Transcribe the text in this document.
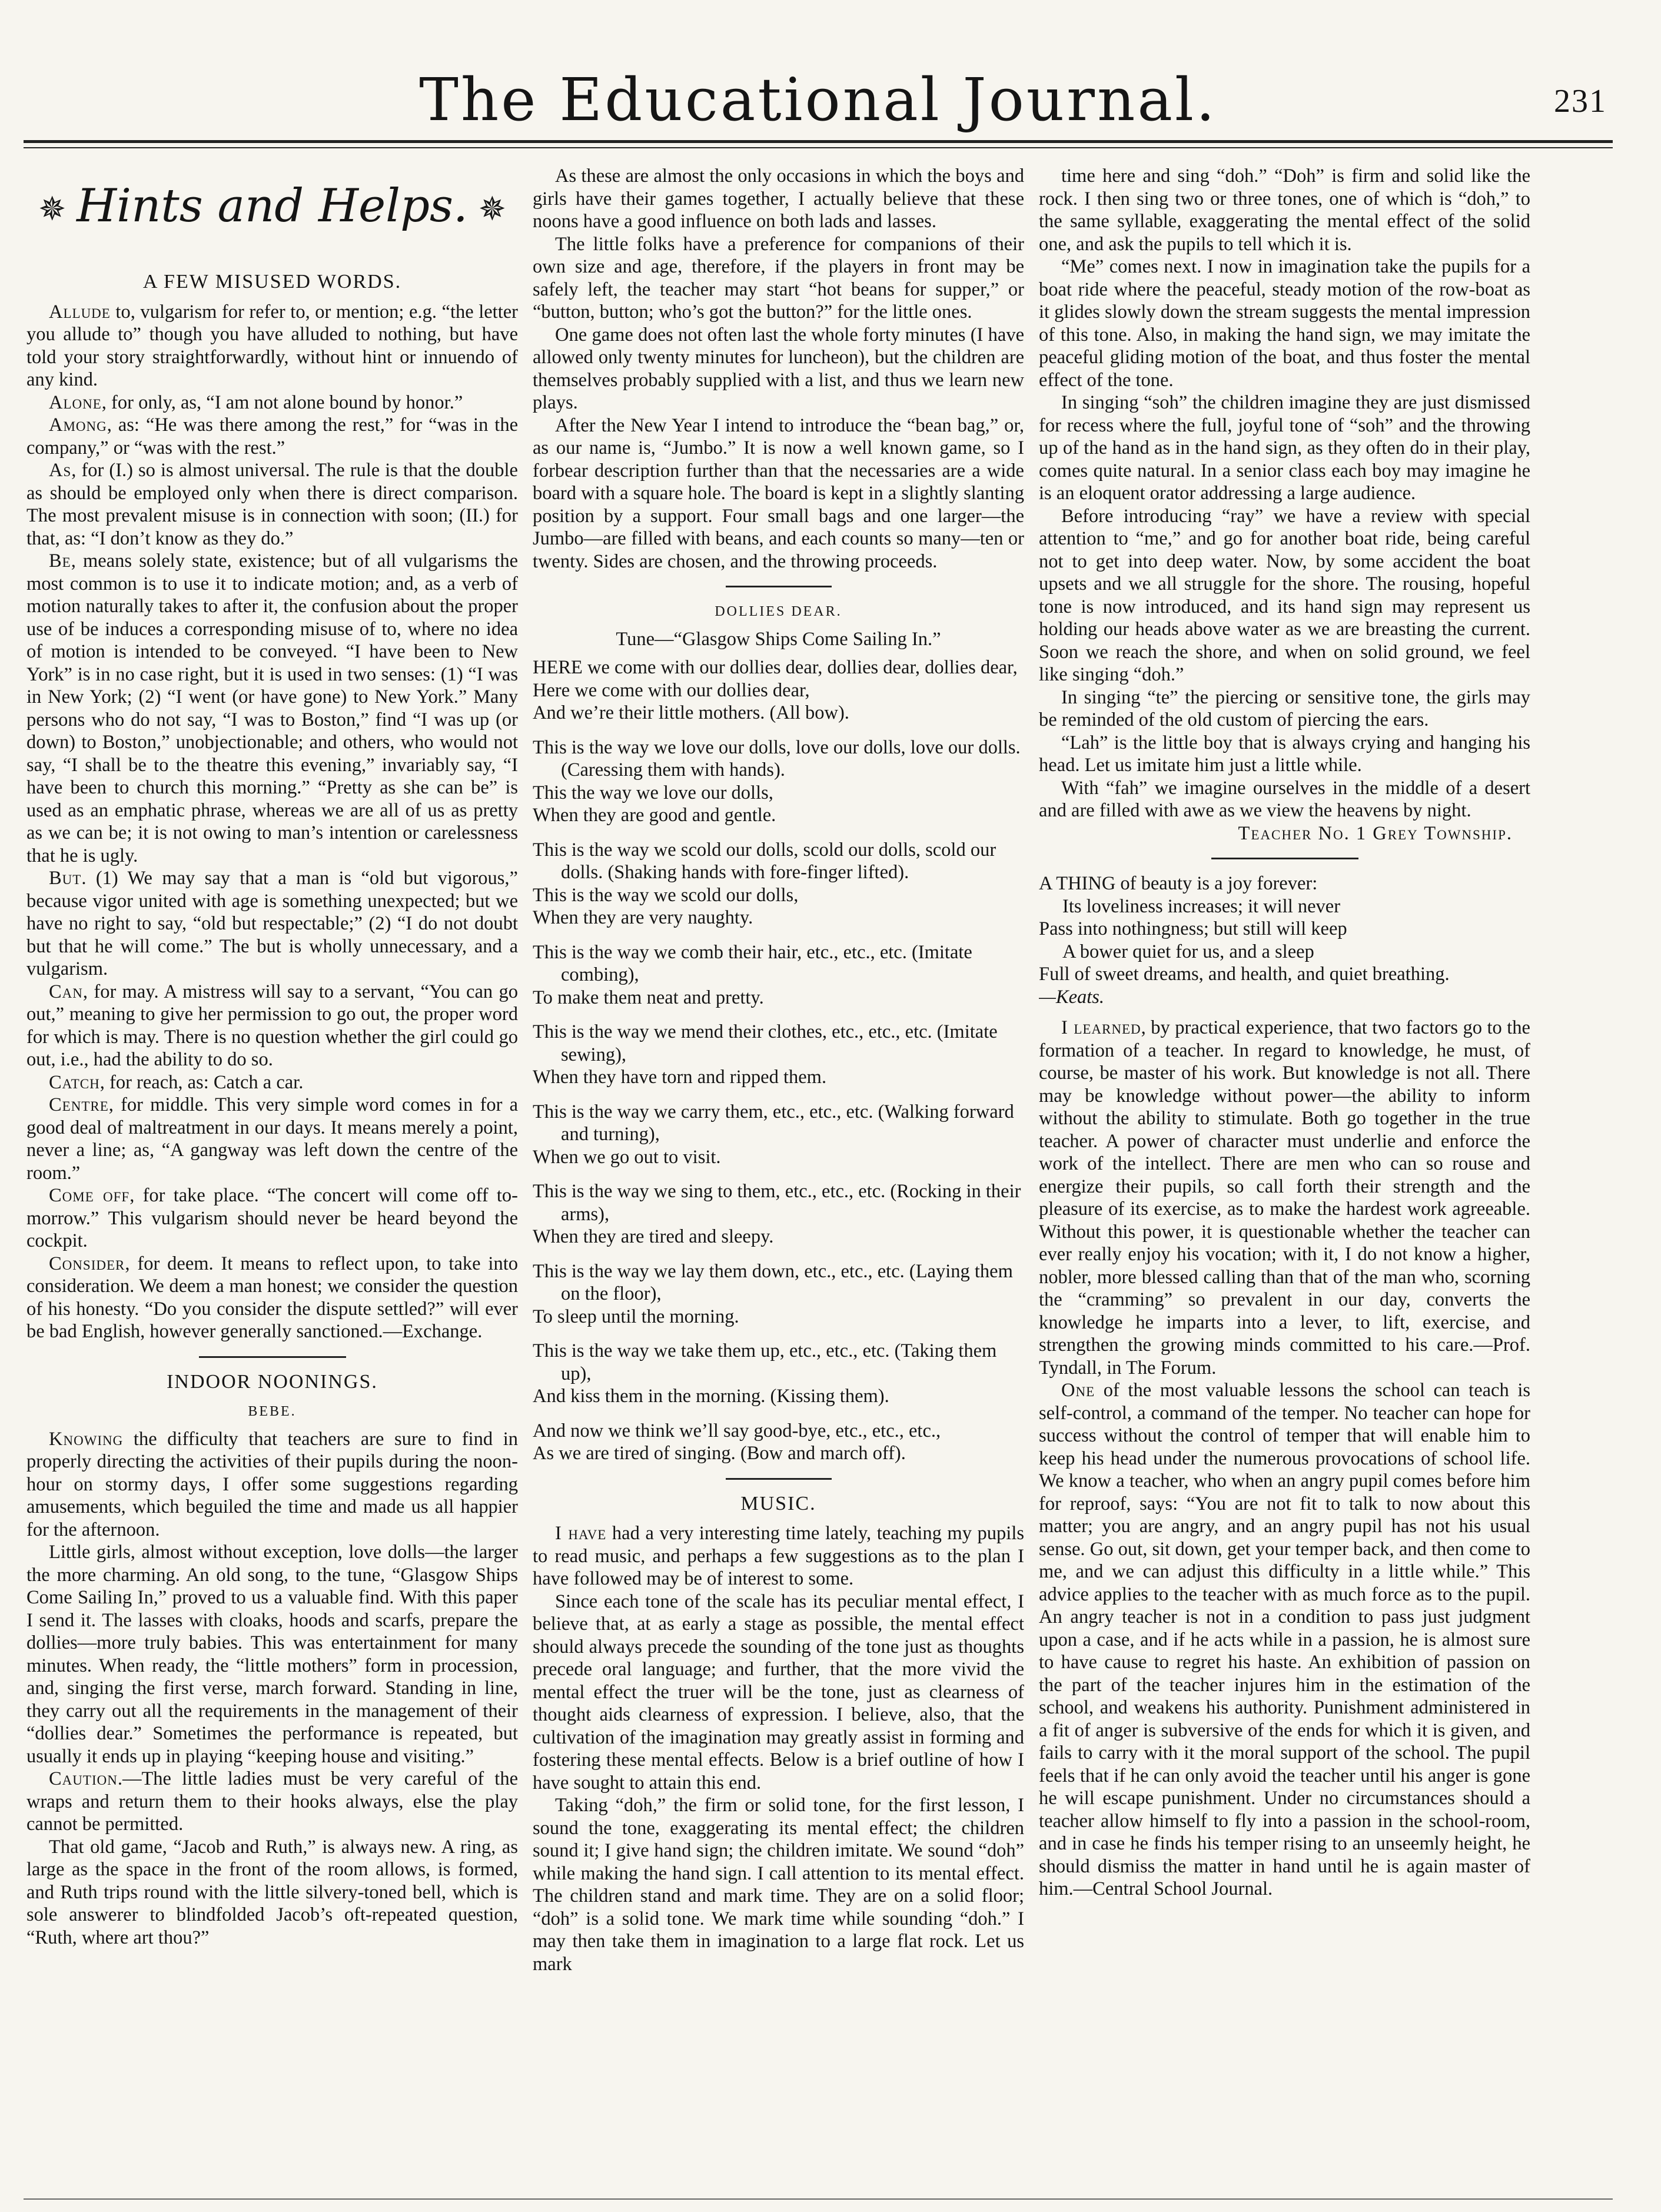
The Educational Journal.	231
✵ Hints and Helps. ✵
A FEW MISUSED WORDS.

Allude to, vulgarism for refer to, or mention; e.g. “the letter you allude to” though you have alluded to nothing, but have told your story straightforwardly, without hint or innuendo of any kind.

Alone, for only, as, “I am not alone bound by honor.”

Among, as: “He was there among the rest,” for “was in the company,” or “was with the rest.”

As, for (I.) so is almost universal. The rule is that the double as should be employed only when there is direct comparison. The most prevalent misuse is in connection with soon; (II.) for that, as: “I don’t know as they do.”

Be, means solely state, existence; but of all vulgarisms the most common is to use it to indicate motion; and, as a verb of motion naturally takes to after it, the confusion about the proper use of be induces a corresponding misuse of to, where no idea of motion is intended to be conveyed. “I have been to New York” is in no case right, but it is used in two senses: (1) “I was in New York; (2) “I went (or have gone) to New York.” Many persons who do not say, “I was to Boston,” find “I was up (or down) to Boston,” unobjectionable; and others, who would not say, “I shall be to the theatre this evening,” invariably say, “I have been to church this morning.” “Pretty as she can be” is used as an emphatic phrase, whereas we are all of us as pretty as we can be; it is not owing to man’s intention or carelessness that he is ugly.

But. (1) We may say that a man is “old but vigorous,” because vigor united with age is something unexpected; but we have no right to say, “old but respectable;” (2) “I do not doubt but that he will come.” The but is wholly unnecessary, and a vulgarism.

Can, for may. A mistress will say to a servant, “You can go out,” meaning to give her permission to go out, the proper word for which is may. There is no question whether the girl could go out, i.e., had the ability to do so.

Catch, for reach, as: Catch a car.

Centre, for middle. This very simple word comes in for a good deal of maltreatment in our days. It means merely a point, never a line; as, “A gangway was left down the centre of the room.”

Come off, for take place. “The concert will come off to-morrow.” This vulgarism should never be heard beyond the cockpit.

Consider, for deem. It means to reflect upon, to take into consideration. We deem a man honest; we consider the question of his honesty. “Do you consider the dispute settled?” will ever be bad English, however generally sanctioned.—Exchange.

INDOOR NOONINGS.
BEBE.

Knowing the difficulty that teachers are sure to find in properly directing the activities of their pupils during the noon-hour on stormy days, I offer some suggestions regarding amusements, which beguiled the time and made us all happier for the afternoon.

Little girls, almost without exception, love dolls—the larger the more charming. An old song, to the tune, “Glasgow Ships Come Sailing In,” proved to us a valuable find. With this paper I send it. The lasses with cloaks, hoods and scarfs, prepare the dollies—more truly babies. This was entertainment for many minutes. When ready, the “little mothers” form in procession, and, singing the first verse, march forward. Standing in line, they carry out all the requirements in the management of their “dollies dear.” Sometimes the performance is repeated, but usually it ends up in playing “keeping house and visiting.”

Caution.—The little ladies must be very careful of the wraps and return them to their hooks always, else the play cannot be permitted.

That old game, “Jacob and Ruth,” is always new. A ring, as large as the space in the front of the room allows, is formed, and Ruth trips round with the little silvery-toned bell, which is sole answerer to blindfolded Jacob’s oft-repeated question, “Ruth, where art thou?”

As these are almost the only occasions in which the boys and girls have their games together, I actually believe that these noons have a good influence on both lads and lasses.

The little folks have a preference for companions of their own size and age, therefore, if the players in front may be safely left, the teacher may start “hot beans for supper,” or “button, button; who’s got the button?” for the little ones.

One game does not often last the whole forty minutes (I have allowed only twenty minutes for luncheon), but the children are themselves probably supplied with a list, and thus we learn new plays.

After the New Year I intend to introduce the “bean bag,” or, as our name is, “Jumbo.” It is now a well known game, so I forbear description further than that the necessaries are a wide board with a square hole. The board is kept in a slightly slanting position by a support. Four small bags and one larger—the Jumbo—are filled with beans, and each counts so many—ten or twenty. Sides are chosen, and the throwing proceeds.

DOLLIES DEAR.

Tune—“Glasgow Ships Come Sailing In.”

HERE we come with our dollies dear, dollies dear, dollies dear,
Here we come with our dollies dear,
And we’re their little mothers. (All bow).
This is the way we love our dolls, love our dolls, love our dolls. (Caressing them with hands).
This the way we love our dolls,
When they are good and gentle.
This is the way we scold our dolls, scold our dolls, scold our dolls. (Shaking hands with fore-finger lifted).
This is the way we scold our dolls,
When they are very naughty.
This is the way we comb their hair, etc., etc., etc. (Imitate combing),
To make them neat and pretty.
This is the way we mend their clothes, etc., etc., etc. (Imitate sewing),
When they have torn and ripped them.
This is the way we carry them, etc., etc., etc. (Walking forward and turning),
When we go out to visit.
This is the way we sing to them, etc., etc., etc. (Rocking in their arms),
When they are tired and sleepy.
This is the way we lay them down, etc., etc., etc. (Laying them on the floor),
To sleep until the morning.
This is the way we take them up, etc., etc., etc. (Taking them up),
And kiss them in the morning. (Kissing them).
And now we think we’ll say good-bye, etc., etc., etc.,
As we are tired of singing. (Bow and march off).
MUSIC.

I have had a very interesting time lately, teaching my pupils to read music, and perhaps a few suggestions as to the plan I have followed may be of interest to some.

Since each tone of the scale has its peculiar mental effect, I believe that, at as early a stage as possible, the mental effect should always precede the sounding of the tone just as thoughts precede oral language; and further, that the more vivid the mental effect the truer will be the tone, just as clearness of thought aids clearness of expression. I believe, also, that the cultivation of the imagination may greatly assist in forming and fostering these mental effects. Below is a brief outline of how I have sought to attain this end.

Taking “doh,” the firm or solid tone, for the first lesson, I sound the tone, exaggerating its mental effect; the children sound it; I give hand sign; the children imitate. We sound “doh” while making the hand sign. I call attention to its mental effect. The children stand and mark time. They are on a solid floor; “doh” is a solid tone. We mark time while sounding “doh.” I may then take them in imagination to a large flat rock. Let us mark

time here and sing “doh.” “Doh” is firm and solid like the rock. I then sing two or three tones, one of which is “doh,” to the same syllable, exaggerating the mental effect of the solid one, and ask the pupils to tell which it is.

“Me” comes next. I now in imagination take the pupils for a boat ride where the peaceful, steady motion of the row-boat as it glides slowly down the stream suggests the mental impression of this tone. Also, in making the hand sign, we may imitate the peaceful gliding motion of the boat, and thus foster the mental effect of the tone.

In singing “soh” the children imagine they are just dismissed for recess where the full, joyful tone of “soh” and the throwing up of the hand as in the hand sign, as they often do in their play, comes quite natural. In a senior class each boy may imagine he is an eloquent orator addressing a large audience.

Before introducing “ray” we have a review with special attention to “me,” and go for another boat ride, being careful not to get into deep water. Now, by some accident the boat upsets and we all struggle for the shore. The rousing, hopeful tone is now introduced, and its hand sign may represent us holding our heads above water as we are breasting the current. Soon we reach the shore, and when on solid ground, we feel like singing “doh.”

In singing “te” the piercing or sensitive tone, the girls may be reminded of the old custom of piercing the ears.

“Lah” is the little boy that is always crying and hanging his head. Let us imitate him just a little while.

With “fah” we imagine ourselves in the middle of a desert and are filled with awe as we view the heavens by night.

Teacher No. 1 Grey Township.

A THING of beauty is a joy forever:

Its loveliness increases; it will never

Pass into nothingness; but still will keep

A bower quiet for us, and a sleep

Full of sweet dreams, and health, and quiet breathing.

—Keats.

I learned, by practical experience, that two factors go to the formation of a teacher. In regard to knowledge, he must, of course, be master of his work. But knowledge is not all. There may be knowledge without power—the ability to inform without the ability to stimulate. Both go together in the true teacher. A power of character must underlie and enforce the work of the intellect. There are men who can so rouse and energize their pupils, so call forth their strength and the pleasure of its exercise, as to make the hardest work agreeable. Without this power, it is questionable whether the teacher can ever really enjoy his vocation; with it, I do not know a higher, nobler, more blessed calling than that of the man who, scorning the “cramming” so prevalent in our day, converts the knowledge he imparts into a lever, to lift, exercise, and strengthen the growing minds committed to his care.—Prof. Tyndall, in The Forum.

One of the most valuable lessons the school can teach is self-control, a command of the temper. No teacher can hope for success without the control of temper that will enable him to keep his head under the numerous provocations of school life. We know a teacher, who when an angry pupil comes before him for reproof, says: “You are not fit to talk to now about this matter; you are angry, and an angry pupil has not his usual sense. Go out, sit down, get your temper back, and then come to me, and we can adjust this difficulty in a little while.” This advice applies to the teacher with as much force as to the pupil. An angry teacher is not in a condition to pass just judgment upon a case, and if he acts while in a passion, he is almost sure to have cause to regret his haste. An exhibition of passion on the part of the teacher injures him in the estimation of the school, and weakens his authority. Punishment administered in a fit of anger is subversive of the ends for which it is given, and fails to carry with it the moral support of the school. The pupil feels that if he can only avoid the teacher until his anger is gone he will escape punishment. Under no circumstances should a teacher allow himself to fly into a passion in the school-room, and in case he finds his temper rising to an unseemly height, he should dismiss the matter in hand until he is again master of him.—Central School Journal.
